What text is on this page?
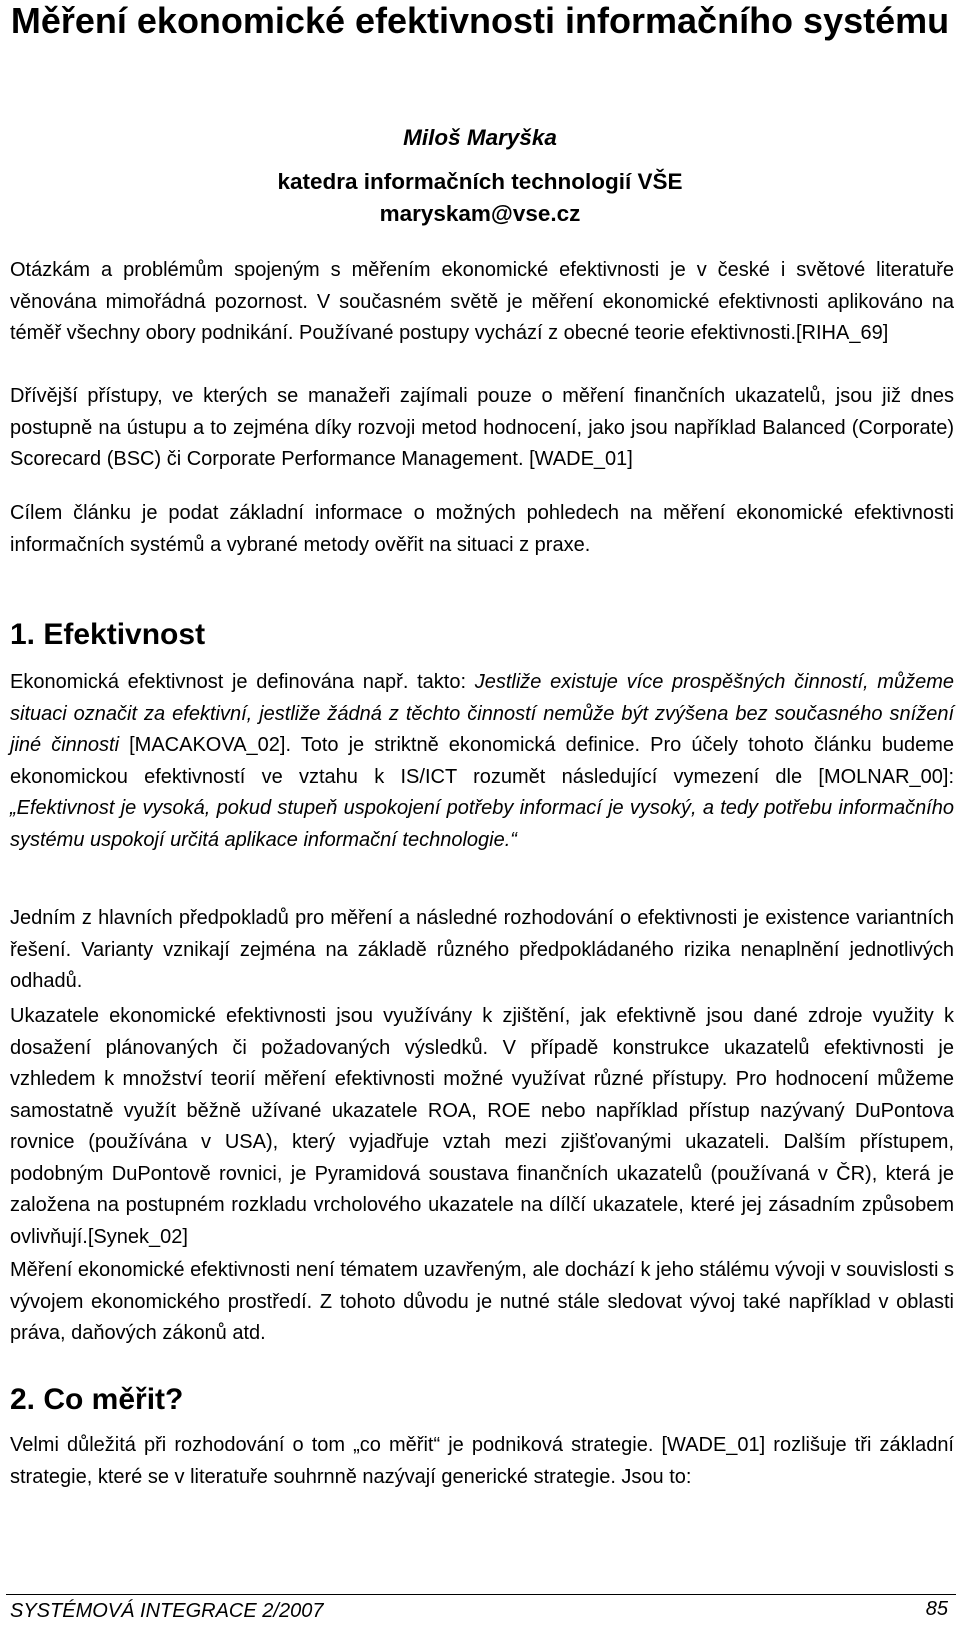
Měření ekonomické efektivnosti informačního systému
Miloš Maryška
katedra informačních technologií VŠE
maryskam@vse.cz

Otázkám a problémům spojeným s měřením ekonomické efektivnosti je v české i světové literatuře věnována mimořádná pozornost. V současném světě je měření ekonomické efektivnosti aplikováno na téměř všechny obory podnikání. Používané postupy vychází z obecné teorie efektivnosti.[RIHA_69]

Dřívější přístupy, ve kterých se manažeři zajímali pouze o měření finančních ukazatelů, jsou již dnes postupně na ústupu a to zejména díky rozvoji metod hodnocení, jako jsou například Balanced (Corporate) Scorecard (BSC) či Corporate Performance Management. [WADE_01]

Cílem článku je podat základní informace o možných pohledech na měření ekonomické efektivnosti informačních systémů a vybrané metody ověřit na situaci z praxe.

1. Efektivnost

Ekonomická efektivnost je definována např. takto: Jestliže existuje více prospěšných činností, můžeme situaci označit za efektivní, jestliže žádná z těchto činností nemůže být zvýšena bez současného snížení jiné činnosti [MACAKOVA_02]. Toto je striktně ekonomická definice. Pro účely tohoto článku budeme ekonomickou efektivností ve vztahu k IS/ICT rozumět následující vymezení dle [MOLNAR_00]: „Efektivnost je vysoká, pokud stupeň uspokojení potřeby informací je vysoký, a tedy potřebu informačního systému uspokojí určitá aplikace informační technologie.“

Jedním z hlavních předpokladů pro měření a následné rozhodování o efektivnosti je existence variantních řešení. Varianty vznikají zejména na základě různého předpokládaného rizika nenaplnění jednotlivých odhadů.

Ukazatele ekonomické efektivnosti jsou využívány k zjištění, jak efektivně jsou dané zdroje využity k dosažení plánovaných či požadovaných výsledků. V případě konstrukce ukazatelů efektivnosti je vzhledem k množství teorií měření efektivnosti možné využívat různé přístupy. Pro hodnocení můžeme samostatně využít běžně užívané ukazatele ROA, ROE nebo například přístup nazývaný DuPontova rovnice (používána v USA), který vyjadřuje vztah mezi zjišťovanými ukazateli. Dalším přístupem, podobným DuPontově rovnici, je Pyramidová soustava finančních ukazatelů (používaná v ČR), která je založena na postupném rozkladu vrcholového ukazatele na dílčí ukazatele, které jej zásadním způsobem ovlivňují.[Synek_02]

Měření ekonomické efektivnosti není tématem uzavřeným, ale dochází k jeho stálému vývoji v souvislosti s vývojem ekonomického prostředí. Z tohoto důvodu je nutné stále sledovat vývoj také například v oblasti práva, daňových zákonů atd.

2. Co měřit?

Velmi důležitá při rozhodování o tom „co měřit“ je podniková strategie. [WADE_01] rozlišuje tři základní strategie, které se v literatuře souhrnně nazývají generické strategie. Jsou to:

SYSTÉMOVÁ INTEGRACE 2/2007	85
